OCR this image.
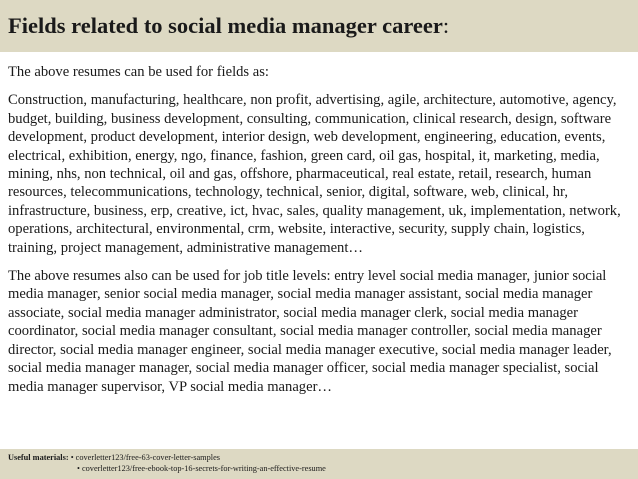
Fields related to social media manager career:

The above resumes can be used for fields as:

Construction, manufacturing, healthcare, non profit, advertising, agile, architecture, automotive, agency, budget, building, business development, consulting, communication, clinical research, design, software development, product development, interior design, web development, engineering, education, events, electrical, exhibition, energy, ngo, finance, fashion, green card, oil gas, hospital, it, marketing, media, mining, nhs, non technical, oil and gas, offshore, pharmaceutical, real estate, retail, research, human resources, telecommunications, technology, technical, senior, digital, software, web, clinical, hr, infrastructure, business, erp, creative, ict, hvac, sales, quality management, uk, implementation, network, operations, architectural, environmental, crm, website, interactive, security, supply chain, logistics, training, project management, administrative management…

The above resumes also can be used for job title levels: entry level social media manager, junior social media manager, senior social media manager, social media manager assistant, social media manager associate, social media manager administrator, social media manager clerk, social media manager coordinator, social media manager consultant, social media manager controller, social media manager director, social media manager engineer, social media manager executive, social media manager leader, social media manager manager, social media manager officer, social media manager specialist, social media manager supervisor, VP social media manager…

Useful materials: • coverletter123/free-63-cover-letter-samples
• coverletter123/free-ebook-top-16-secrets-for-writing-an-effective-resume
